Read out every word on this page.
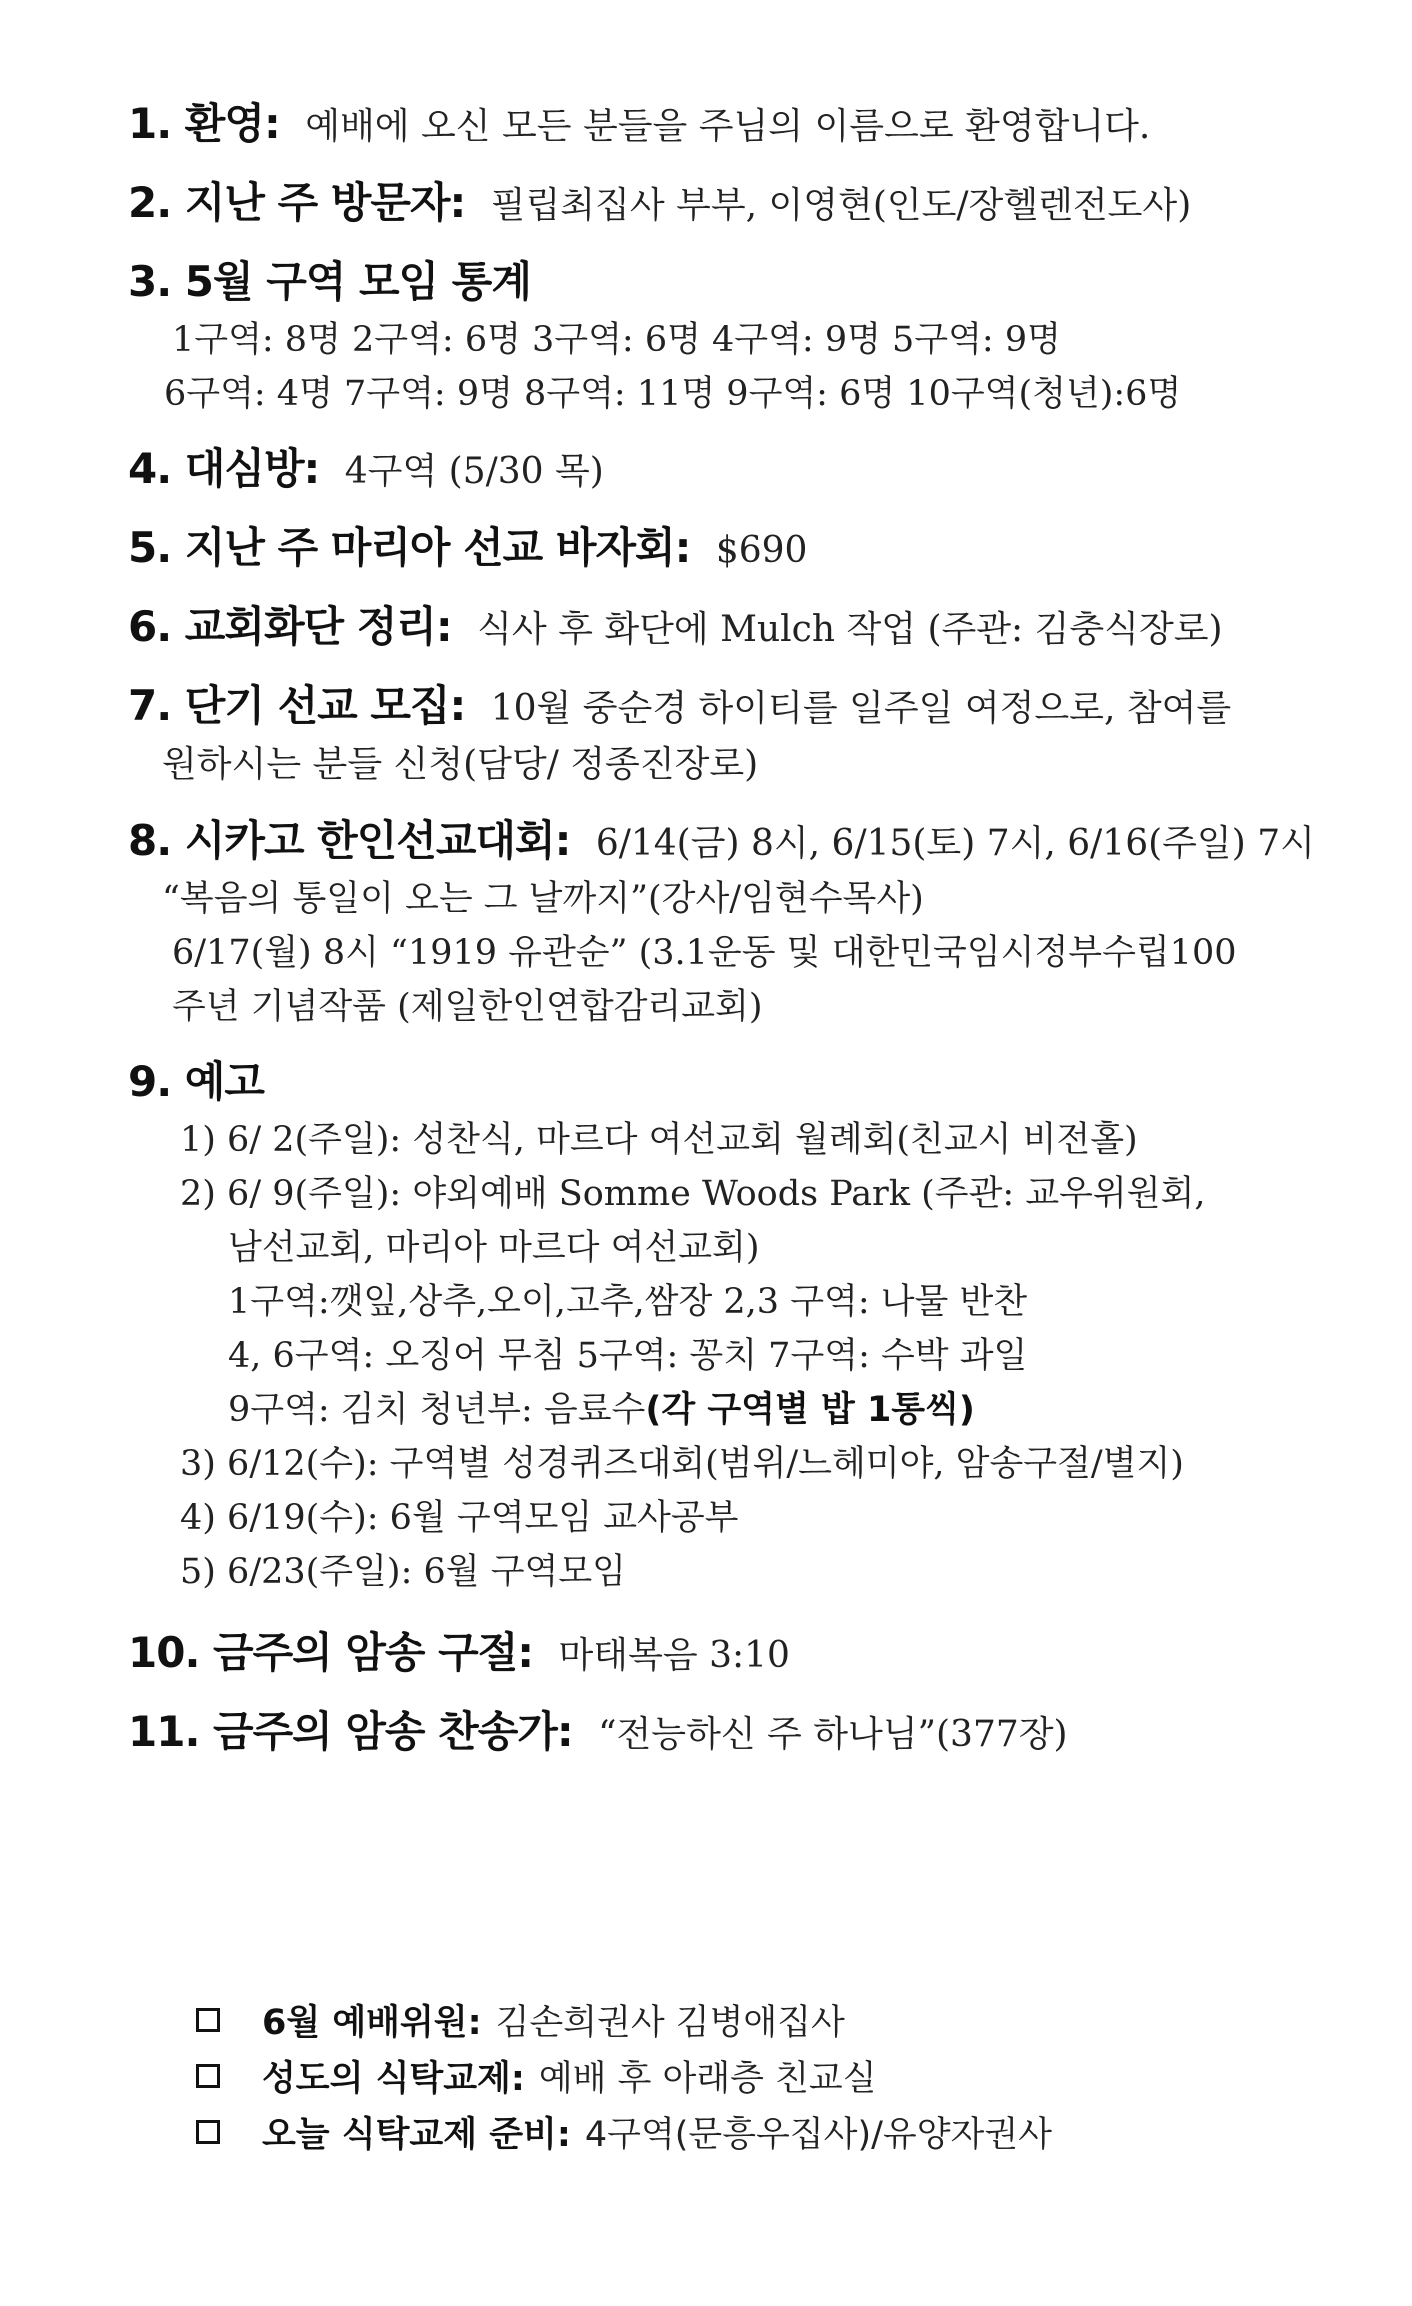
1. 환영: 예배에 오신 모든 분들을 주님의 이름으로 환영합니다.
2. 지난 주 방문자: 필립최집사 부부, 이영현(인도/장헬렌전도사)
3. 5월 구역 모임 통계
1구역: 8명 2구역: 6명 3구역: 6명 4구역: 9명 5구역: 9명
6구역: 4명 7구역: 9명 8구역: 11명 9구역: 6명 10구역(청년):6명
4. 대심방: 4구역 (5/30 목)
5. 지난 주 마리아 선교 바자회: $690
6. 교회화단 정리: 식사 후 화단에 Mulch 작업 (주관: 김충식장로)
7. 단기 선교 모집: 10월 중순경 하이티를 일주일 여정으로, 참여를
원하시는 분들 신청(담당/ 정종진장로)
8. 시카고 한인선교대회: 6/14(금) 8시, 6/15(토) 7시, 6/16(주일) 7시
“복음의 통일이 오는 그 날까지”(강사/임현수목사)
6/17(월) 8시 “1919 유관순” (3.1운동 및 대한민국임시정부수립100
주년 기념작품 (제일한인연합감리교회)
9. 예고
1) 6/ 2(주일): 성찬식, 마르다 여선교회 월례회(친교시 비전홀)
2) 6/ 9(주일): 야외예배 Somme Woods Park (주관: 교우위원회,
남선교회, 마리아 마르다 여선교회)
1구역:깻잎,상추,오이,고추,쌈장 2,3 구역: 나물 반찬
4, 6구역: 오징어 무침 5구역: 꽁치 7구역: 수박 과일
9구역: 김치 청년부: 음료수(각 구역별 밥 1통씩)
3) 6/12(수): 구역별 성경퀴즈대회(범위/느헤미야, 암송구절/별지)
4) 6/19(수): 6월 구역모임 교사공부
5) 6/23(주일): 6월 구역모임
10. 금주의 암송 구절: 마태복음 3:10
11. 금주의 암송 찬송가: “전능하신 주 하나님”(377장)
6월 예배위원: 김손희권사 김병애집사
성도의 식탁교제: 예배 후 아래층 친교실
오늘 식탁교제 준비: 4구역(문흥우집사)/유양자권사
